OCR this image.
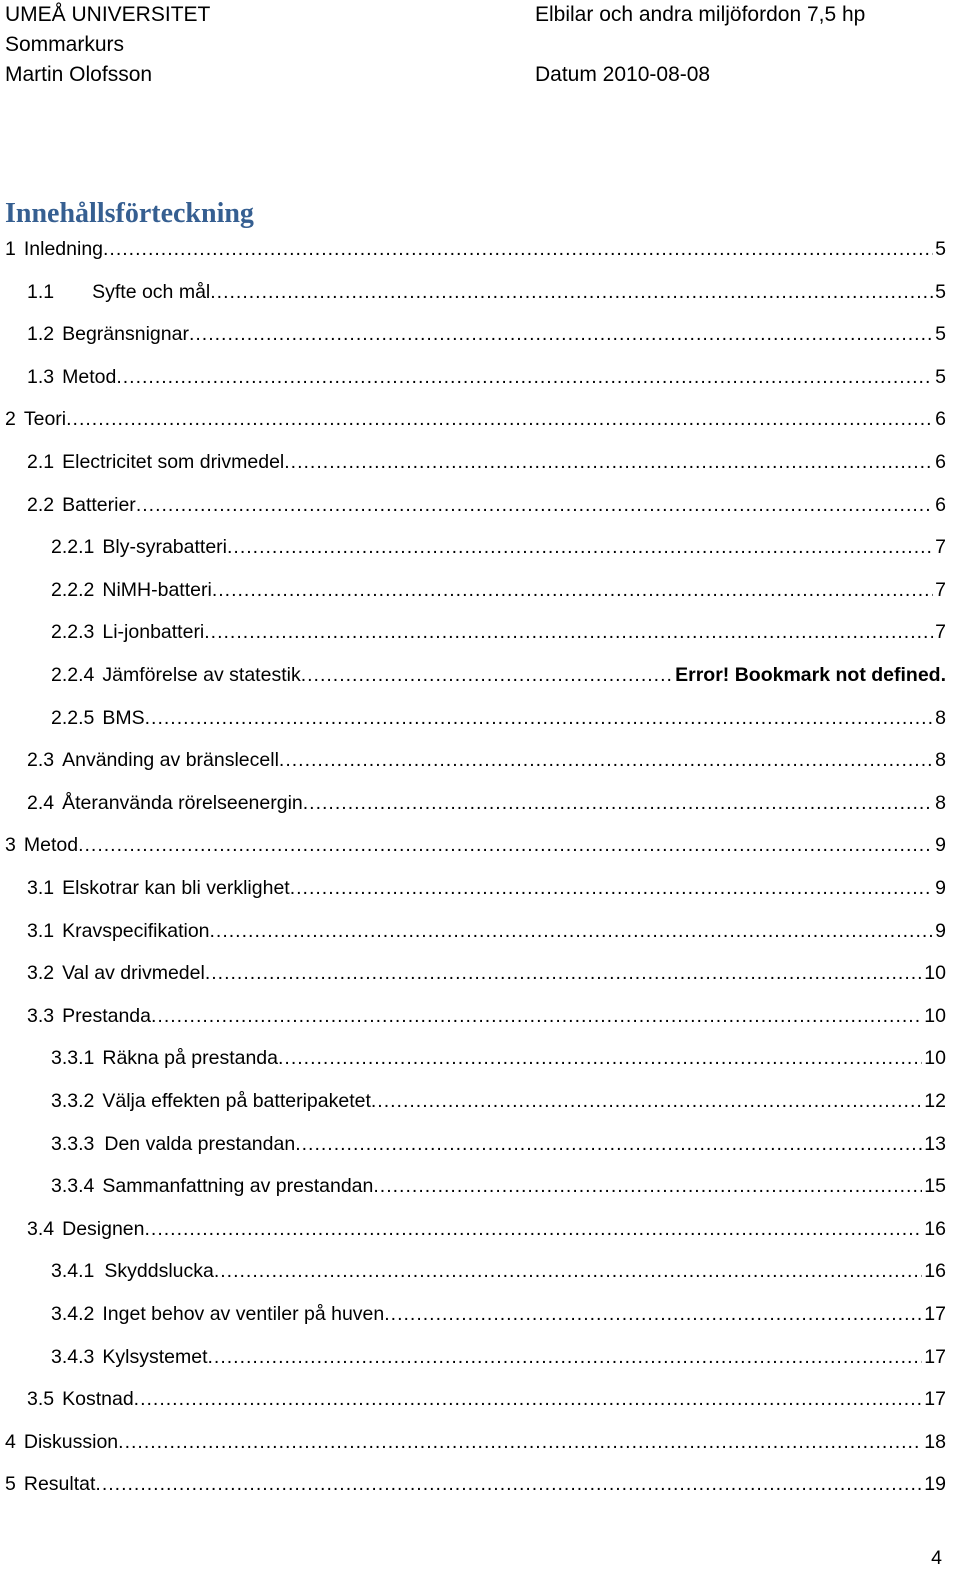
UMEÅ UNIVERSITET
Sommarkurs
Martin Olofsson
Elbilar och andra miljöfordon 7,5 hp
Datum 2010-08-08
Innehållsförteckning
1 Inledning .....	5
1.1 Syfte och mål .....	5
1.2 Begränsnignar .....	5
1.3 Metod .....	5
2 Teori .....	6
2.1 Electricitet som drivmedel .....	6
2.2 Batterier .....	6
2.2.1 Bly-syrabatteri .....	7
2.2.2 NiMH-batteri .....	7
2.2.3 Li-jonbatteri .....	7
2.2.4 Jämförelse av statestik .....	Error! Bookmark not defined.
2.2.5 BMS .....	8
2.3 Använding av bränslecell .....	8
2.4 Återanvända rörelseenergin .....	8
3 Metod .....	9
3.1 Elskotrar kan bli verklighet .....	9
3.1 Kravspecifikation .....	9
3.2 Val av drivmedel .....	10
3.3 Prestanda .....	10
3.3.1 Räkna på prestanda .....	10
3.3.2 Välja effekten på batteripaketet .....	12
3.3.3 Den valda prestandan .....	13
3.3.4 Sammanfattning av prestandan .....	15
3.4 Designen .....	16
3.4.1 Skyddslucka .....	16
3.4.2 Inget behov av ventiler på huven .....	17
3.4.3 Kylsystemet .....	17
3.5 Kostnad .....	17
4 Diskussion .....	18
5 Resultat .....	19
4
